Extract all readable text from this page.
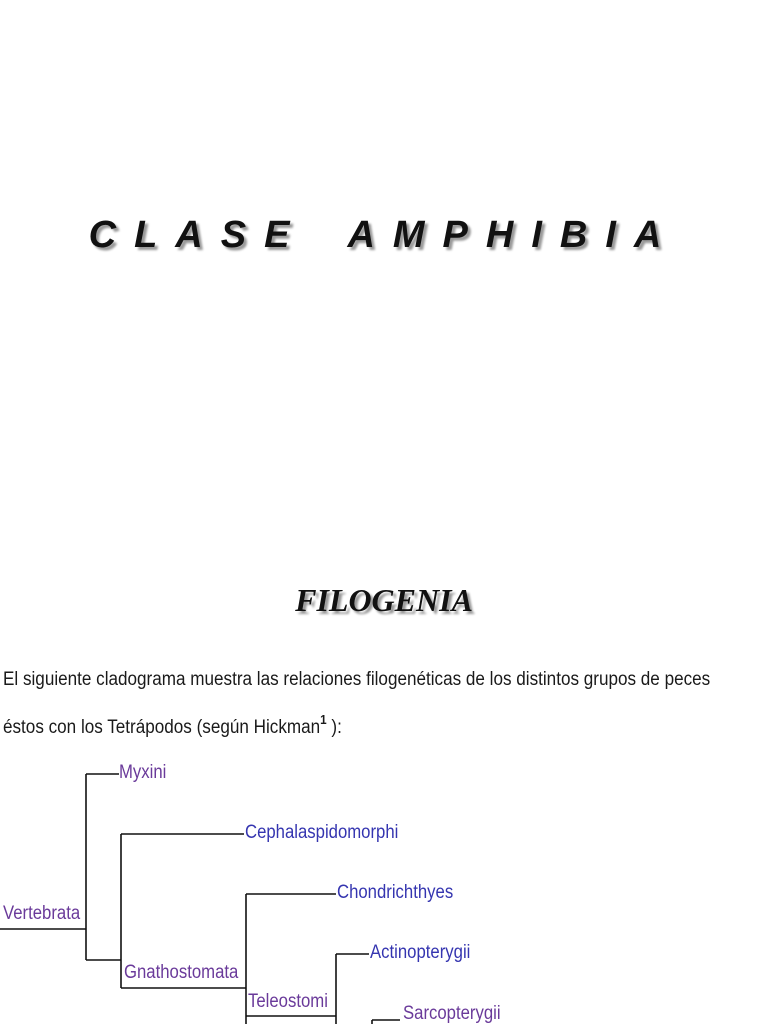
CLASE AMPHIBIA
FILOGENIA
El siguiente cladograma muestra las relaciones filogenéticas de los distintos grupos de peces
éstos con los Tetrápodos (según Hickman$^1$ ):
Vertebrata
Myxini
Cephalaspidomorphi
Gnathostomata
Chondrichthyes
Teleostomi
Actinopterygii
Sarcopterygii
